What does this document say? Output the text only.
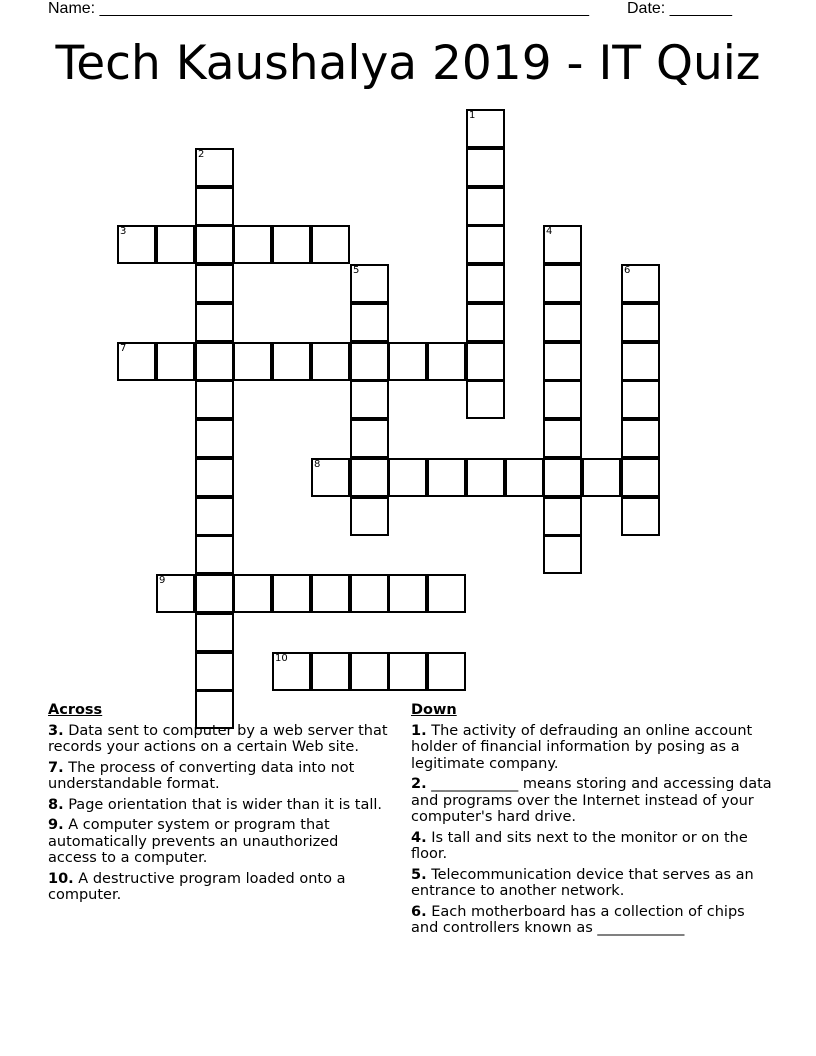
Name: _______________________________________________________ Date: _______
Tech Kaushalya 2019 - IT Quiz
3
7
8
9
10
1
2
4
5	6
Across
3. Data sent to computer by a web server that records your actions on a certain Web site.
7. The process of converting data into not understandable format.
8. Page orientation that is wider than it is tall.
9. A computer system or program that automatically prevents an unauthorized access to a computer.
10. A destructive program loaded onto a computer.
Down
1. The activity of defrauding an online account holder of financial information by posing as a legitimate company.
2. ____________ means storing and accessing data and programs over the Internet instead of your computer's hard drive.
4. Is tall and sits next to the monitor or on the floor.
5. Telecommunication device that serves as an entrance to another network.
6. Each motherboard has a collection of chips and controllers known as ____________
